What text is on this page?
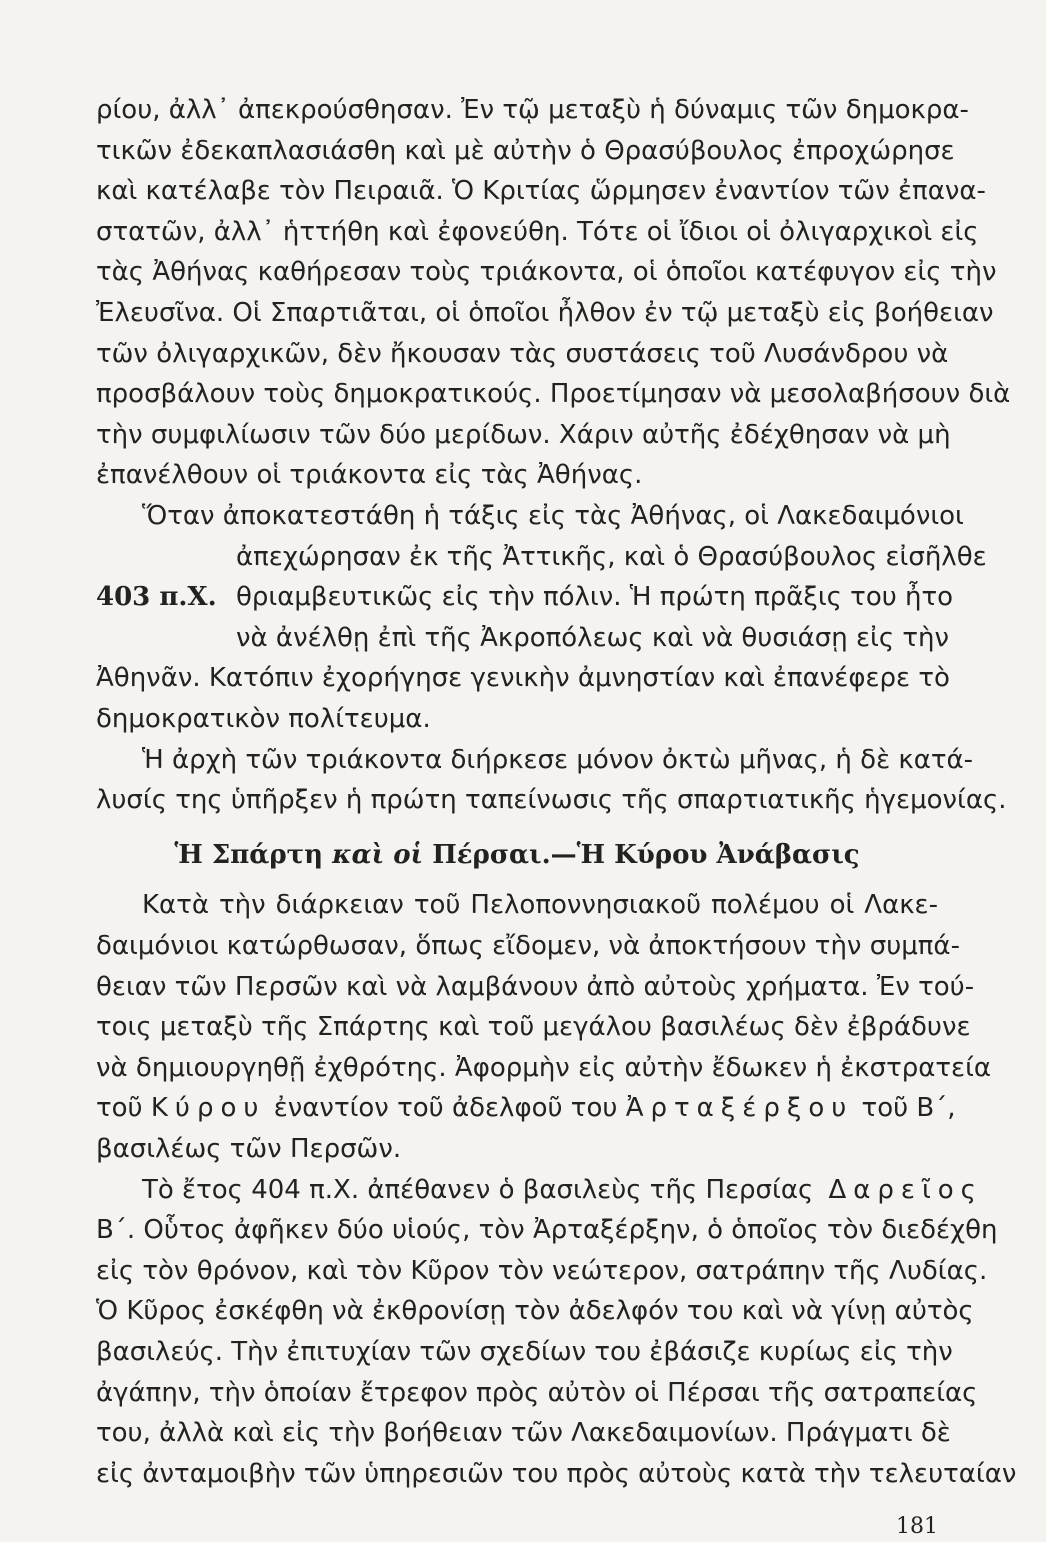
ρίου, ἀλλ᾽ ἀπεκρούσθησαν. Ἐν τῷ μεταξὺ ἡ δύναμις τῶν δημοκρα-
τικῶν ἐδεκαπλασιάσθη καὶ μὲ αὐτὴν ὁ Θρασύβουλος ἐπροχώρησε
καὶ κατέλαβε τὸν Πειραιᾶ. Ὁ Κριτίας ὥρμησεν ἐναντίον τῶν ἐπανα-
στατῶν, ἀλλ᾽ ἡττήθη καὶ ἐφονεύθη. Τότε οἱ ἴδιοι οἱ ὀλιγαρχικοὶ εἰς
τὰς Ἀθήνας καθήρεσαν τοὺς τριάκοντα, οἱ ὁποῖοι κατέφυγον εἰς τὴν
Ἐλευσῖνα. Οἱ Σπαρτιᾶται, οἱ ὁποῖοι ἦλθον ἐν τῷ μεταξὺ εἰς βοήθειαν
τῶν ὀλιγαρχικῶν, δὲν ἤκουσαν τὰς συστάσεις τοῦ Λυσάνδρου νὰ
προσβάλουν τοὺς δημοκρατικούς. Προετίμησαν νὰ μεσολαβήσουν διὰ
τὴν συμφιλίωσιν τῶν δύο μερίδων. Χάριν αὐτῆς ἐδέχθησαν νὰ μὴ
ἐπανέλθουν οἱ τριάκοντα εἰς τὰς Ἀθήνας.
Ὅταν ἀποκατεστάθη ἡ τάξις εἰς τὰς Ἀθήνας, οἱ Λακεδαιμόνιοι
ἀπεχώρησαν ἐκ τῆς Ἀττικῆς, καὶ ὁ Θρασύβουλος εἰσῆλθε
403 π.Χ. θριαμβευτικῶς εἰς τὴν πόλιν. Ἡ πρώτη πρᾶξις του ἦτο
νὰ ἀνέλθῃ ἐπὶ τῆς Ἀκροπόλεως καὶ νὰ θυσιάσῃ εἰς τὴν
Ἀθηνᾶν. Κατόπιν ἐχορήγησε γενικὴν ἀμνηστίαν καὶ ἐπανέφερε τὸ
δημοκρατικὸν πολίτευμα.
Ἡ ἀρχὴ τῶν τριάκοντα διήρκεσε μόνον ὀκτὼ μῆνας, ἡ δὲ κατά-
λυσίς της ὑπῆρξεν ἡ πρώτη ταπείνωσις τῆς σπαρτιατικῆς ἡγεμονίας.
Ἡ Σπάρτη καὶ οἱ Πέρσαι.—Ἡ Κύρου Ἀνάβασις
Κατὰ τὴν διάρκειαν τοῦ Πελοποννησιακοῦ πολέμου οἱ Λακε-
δαιμόνιοι κατώρθωσαν, ὅπως εἴδομεν, νὰ ἀποκτήσουν τὴν συμπά-
θειαν τῶν Περσῶν καὶ νὰ λαμβάνουν ἀπὸ αὐτοὺς χρήματα. Ἐν τού-
τοις μεταξὺ τῆς Σπάρτης καὶ τοῦ μεγάλου βασιλέως δὲν ἐβράδυνε
νὰ δημιουργηθῇ ἐχθρότης. Ἀφορμὴν εἰς αὐτὴν ἔδωκεν ἡ ἐκστρατεία
τοῦ Κύρου ἐναντίον τοῦ ἀδελφοῦ του Ἀρταξέρξου τοῦ Β΄,
βασιλέως τῶν Περσῶν.
181
Τὸ ἔτος 404 π.Χ. ἀπέθανεν ὁ βασιλεὺς τῆς Περσίας Δαρεῖος
Β΄. Οὗτος ἀφῆκεν δύο υἱούς, τὸν Ἀρταξέρξην, ὁ ὁποῖος τὸν διεδέχθη
εἰς τὸν θρόνον, καὶ τὸν Κῦρον τὸν νεώτερον, σατράπην τῆς Λυδίας.
Ὁ Κῦρος ἐσκέφθη νὰ ἐκθρονίσῃ τὸν ἀδελφόν του καὶ νὰ γίνῃ αὐτὸς
βασιλεύς. Τὴν ἐπιτυχίαν τῶν σχεδίων του ἐβάσιζε κυρίως εἰς τὴν
ἀγάπην, τὴν ὁποίαν ἔτρεφον πρὸς αὐτὸν οἱ Πέρσαι τῆς σατραπείας
του, ἀλλὰ καὶ εἰς τὴν βοήθειαν τῶν Λακεδαιμονίων. Πράγματι δὲ
εἰς ἀνταμοιβὴν τῶν ὑπηρεσιῶν του πρὸς αὐτοὺς κατὰ τὴν τελευταίαν
